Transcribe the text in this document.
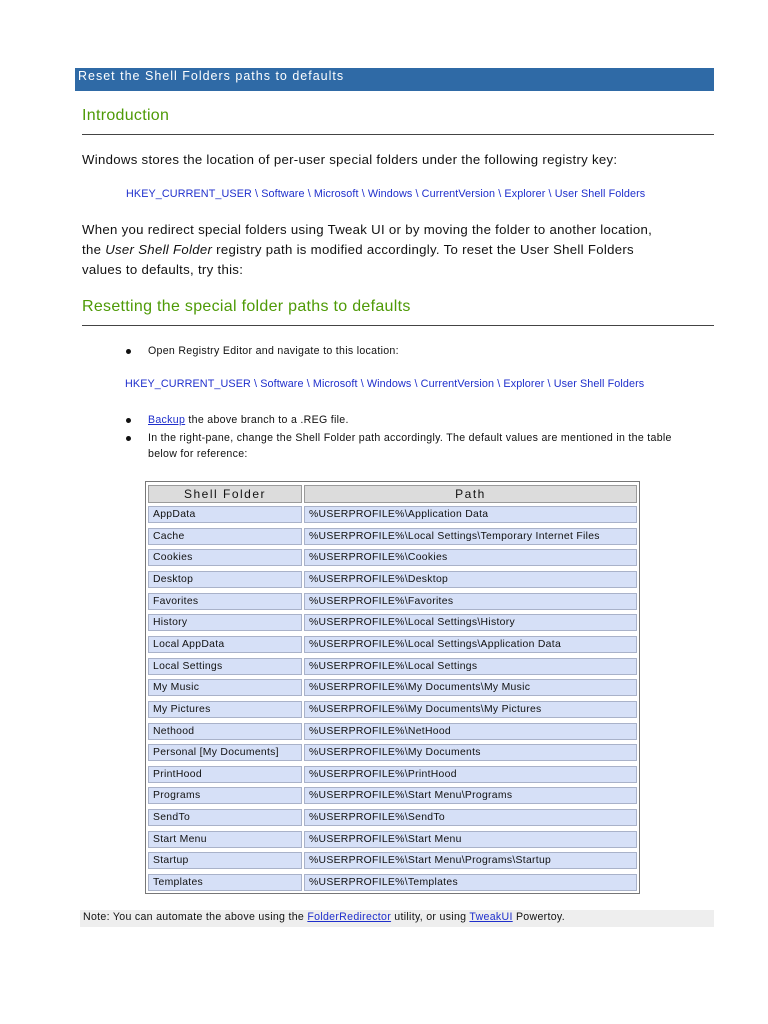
Reset the Shell Folders paths to defaults
Introduction

Windows stores the location of per-user special folders under the following registry key:

HKEY_CURRENT_USER \ Software \ Microsoft \ Windows \ CurrentVersion \ Explorer \ User Shell Folders

When you redirect special folders using Tweak UI or by moving the folder to another location,
the User Shell Folder registry path is modified accordingly. To reset the User Shell Folders
values to defaults, try this:

Resetting the special folder paths to defaults
Open Registry Editor and navigate to this location:
HKEY_CURRENT_USER \ Software \ Microsoft \ Windows \ CurrentVersion \ Explorer \ User Shell Folders
Backup the above branch to a .REG file.
In the right-pane, change the Shell Folder path accordingly. The default values are mentioned in the table
below for reference:
Shell Folder	Path
AppData	%USERPROFILE%\Application Data
Cache	%USERPROFILE%\Local Settings\Temporary Internet Files
Cookies	%USERPROFILE%\Cookies
Desktop	%USERPROFILE%\Desktop
Favorites	%USERPROFILE%\Favorites
History	%USERPROFILE%\Local Settings\History
Local AppData	%USERPROFILE%\Local Settings\Application Data
Local Settings	%USERPROFILE%\Local Settings
My Music	%USERPROFILE%\My Documents\My Music
My Pictures	%USERPROFILE%\My Documents\My Pictures
Nethood	%USERPROFILE%\NetHood
Personal [My Documents]	%USERPROFILE%\My Documents
PrintHood	%USERPROFILE%\PrintHood
Programs	%USERPROFILE%\Start Menu\Programs
SendTo	%USERPROFILE%\SendTo
Start Menu	%USERPROFILE%\Start Menu
Startup	%USERPROFILE%\Start Menu\Programs\Startup
Templates	%USERPROFILE%\Templates
Note: You can automate the above using the FolderRedirector utility, or using TweakUI Powertoy.
